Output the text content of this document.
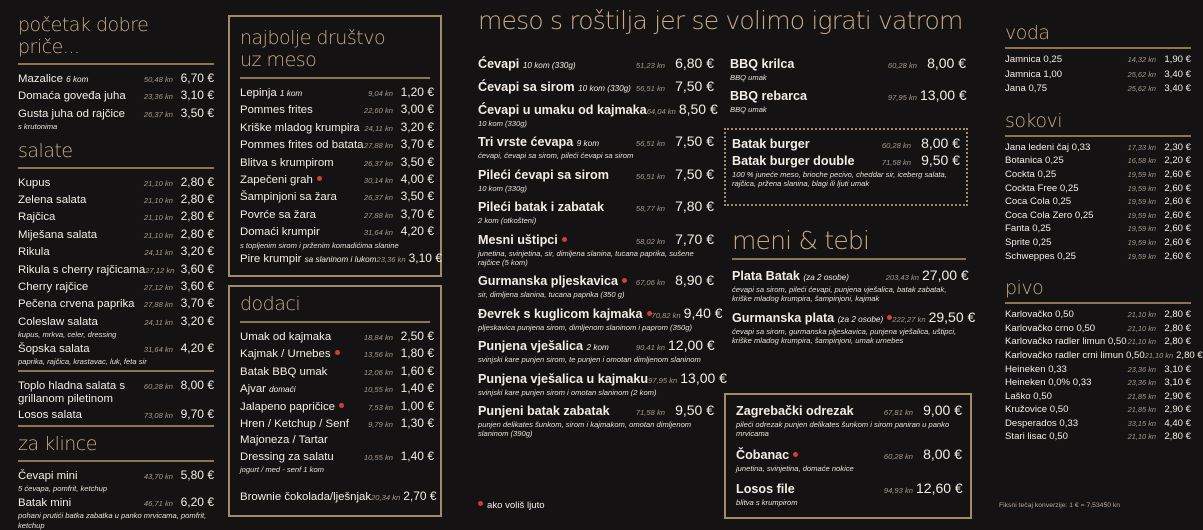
početak dobre priče...
Mazalice 6 kom	50,48 kn 6,70 €
Domaća goveđa juha	23,36 kn 3,10 €
Gusta juha od rajčice	26,37 kn 3,50 €
s krutonima
salate
Kupus	21,10 kn 2,80 €
Zelena salata	21,10 kn 2,80 €
Rajčica	21,10 kn 2,80 €
Miješana salata	21,10 kn 2,80 €
Rikula	24,11 kn 3,20 €
Rikula s cherry rajčicama 27,12 kn 3,60 €
Cherry rajčice	27,12 kn 3,60 €
Pečena crvena paprika	27,88 kn 3,70 €
Coleslaw salata	24,11 kn 3,20 €
kupus, mrkva, celer, dressing
Šopska salata	31,64 kn 4,20 €
paprika, rajčica, krastavac, luk, feta sir
Toplo hladna salata s grillanom piletinom
60,28 kn 8,00 €
Losos salata	73,08 kn 9,70 €
za klince
Čevapi mini	43,70 kn 5,80 €
5 ćevapa, pomfrit, ketchup
Batak mini	46,71 kn 6,20 €
pohani prutići batka zabatka u panko mrvicama, pomfrit, ketchup
najbolje društvo uz meso
Lepinja 1 kom	9,04 kn 1,20 €
Pommes frites	22,60 kn 3,00 €
Kriške mladog krumpira 24,11 kn 3,20 €
Pommes frites od batata 27,88 kn 3,70 €
Blitva s krumpirom	26,37 kn 3,50 €
Zapečeni grah	30,14 kn 4,00 €
Šampinjoni sa žara	26,37 kn 3,50 €
Povrće sa žara	27,88 kn 3,70 €
Domaći krumpir	31,64 kn 4,20 €
s topljenim sirom i prženim komadićima slanine
Pire krumpir sa slaninom i lukom 23,36 kn 3,10 €
dodaci
Umak od kajmaka	18,84 kn 2,50 €
Kajmak / Urnebes	13,56 kn 1,80 €
Batak BBQ umak	12,06 kn 1,60 €
Ajvar domaći	10,55 kn 1,40 €
Jalapeno papričice	7,53 kn 1,00 €
Hren / Ketchup / Senf	9,79 kn 1,30 €
Majoneza / Tartar
Dressing za salatu	10,55 kn 1,40 €
jogurt / med - senf 1 kom
Brownie čokolada/lješnjak 20,34 kn 2,70 €
meso s roštilja jer se volimo igrati vatrom
Ćevapi 10 kom (330g)	51,23 kn 6,80 €
Ćevapi sa sirom 10 kom (330g) 56,51 kn 7,50 €
Ćevapi u umaku od kajmaka 64,04 kn 8,50 €
10 kom (330g)
Tri vrste ćevapa 9 kom	56,51 kn 7,50 €
ćevapi, ćevapi sa sirom, pileći ćevapi sa sirom
Pileći ćevapi sa sirom	56,51 kn 7,50 €
10 kom (330g)
Pileći batak i zabatak	58,77 kn 7,80 €
2 kom (otkošteni)
Mesni uštipci	58,02 kn 7,70 €
junetina, svinjetina, sir, dimljena slanina, tucana paprika, sušene rajčice (5 kom)
Gurmanska pljeskavica	67,06 kn 8,90 €
sir, dimljena slanina, tucana paprika (350 g)
Đevrek s kuglicom kajmaka	70,82 kn 9,40 €
pljeskavica punjena sirom, dimljenom slaninom i paprom (350g)
Punjena vješalica 2 kom	90,41 kn 12,00 €
svinjski kare punjen sirom, te punjen i omotan dimljenom slaninom
Punjena vješalica u kajmaku 97,95 kn 13,00 €
svinjski kare punjen sirom i omotan slaninom (2 kom)
Punjeni batak zabatak	71,58 kn 9,50 €
punjen delikates šunkom, sirom i kajmakom, omotan dimljenom slaninom (390g)
ako voliš ljuto
BBQ krilca	60,28 kn 8,00 €
BBQ umak
BBQ rebarca	97,95 kn 13,00 €
BBQ umak
Batak burger	60,28 kn 8,00 €
Batak burger double	71,58 kn 9,50 €
100 % juneće meso, brioche pecivo, cheddar sir, iceberg salata, rajčica, pržena slanina, blagi ili ljuti umak
meni & tebi
Plata Batak (za 2 osobe)	203,43 kn 27,00 €
ćevapi sa sirom, pileći ćevapi, punjena vješalica, batak zabatak, kriške mladog krumpira, šampinjoni, kajmak
Gurmanska plata (za 2 osobe)	222,27 kn 29,50 €
ćevapi sa sirom, gurmanska pljeskavica, punjena vješalica, uštipci, kriške mladog krumpira, šampinjoni, umak urnebes
Zagrebački odrezak	67,81 kn 9,00 €
pileći odrezak punjen delikates šunkom i sirom paniran u panko mrvicama
Čobanac	60,28 kn 8,00 €
junetina, svinjetina, domaće nokice
Losos file	94,93 kn 12,60 €
blitva s krumpirom
voda
Jamnica 0,25	14,32 kn 1,90 €
Jamnica 1,00	25,62 kn 3,40 €
Jana 0,75	25,62 kn 3,40 €
sokovi
Jana ledeni čaj 0,33	17,33 kn 2,30 €
Botanica 0,25	16,58 kn 2,20 €
Cockta 0,25	19,59 kn 2,60 €
Cockta Free 0,25	19,59 kn 2,60 €
Coca Cola 0,25	19,59 kn 2,60 €
Coca Cola Zero 0,25	19,59 kn 2,60 €
Fanta 0,25	19,59 kn 2,60 €
Sprite 0,25	19,59 kn 2,60 €
Schweppes 0,25	19,59 kn 2,60 €
pivo
Karlovačko 0,50	21,10 kn 2,80 €
Karlovačko crno 0,50	21,10 kn 2,80 €
Karlovačko radler limun 0,50 21,10 kn 2,80 €
Karlovačko radler crni limun 0,50 21,10 kn 2,80 €
Heineken 0,33	23,36 kn 3,10 €
Heineken 0,0% 0,33	23,36 kn 3,10 €
Laško 0,50	21,85 kn 2,90 €
Kružovice 0,50	21,85 kn 2,90 €
Desperados 0,33	33,15 kn 4,40 €
Stari lisac 0,50	21,10 kn 2,80 €
Fiksni tečaj konverzije: 1 € = 7,53450 kn
